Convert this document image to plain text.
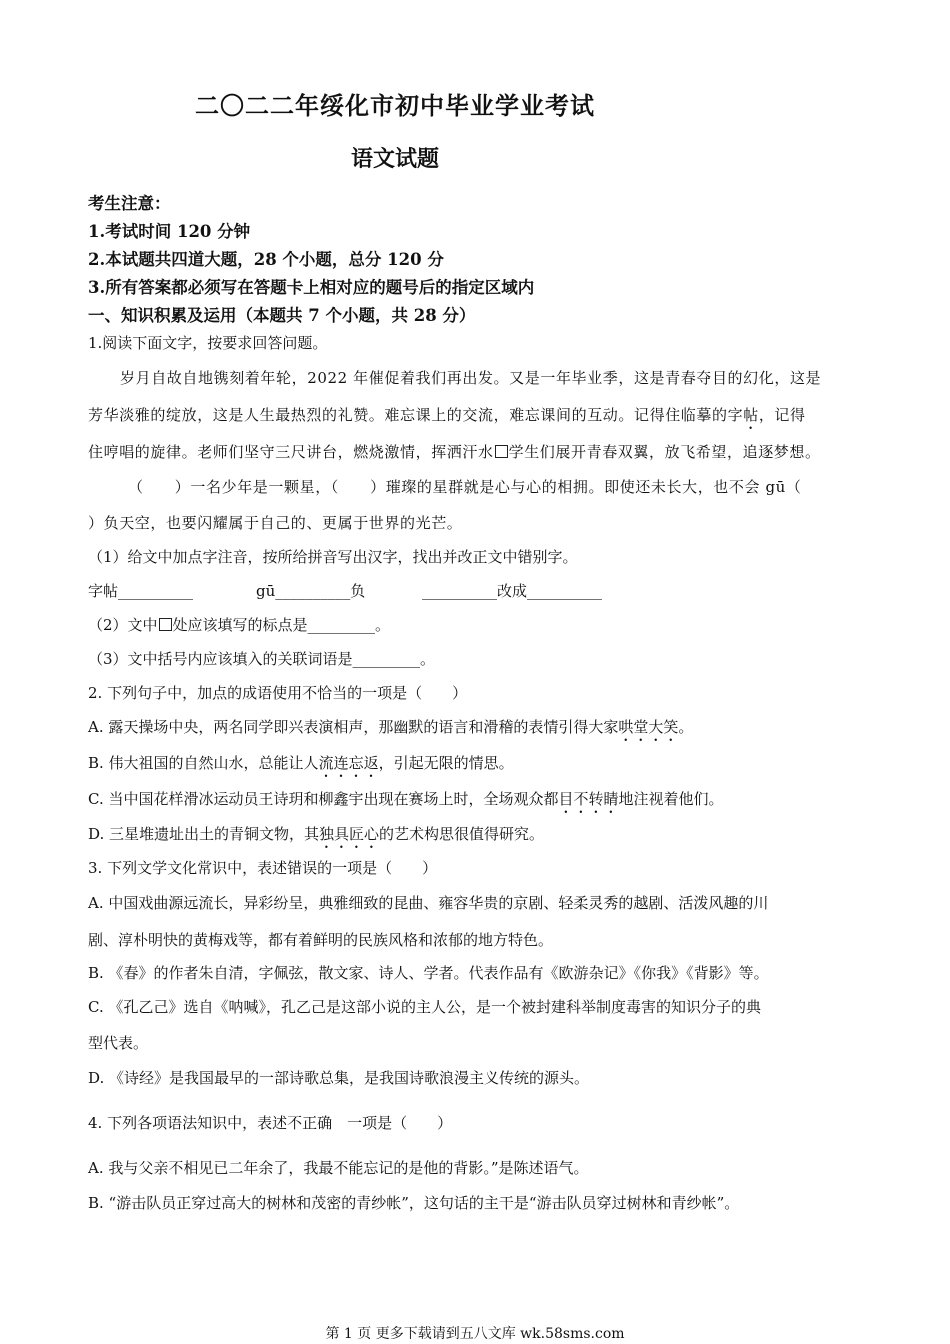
二〇二二年绥化市初中毕业学业考试
语文试题
考生注意：
1.考试时间 120 分钟
2.本试题共四道大题，28 个小题，总分 120 分
3.所有答案都必须写在答题卡上相对应的题号后的指定区域内
一、知识积累及运用（本题共 7 个小题，共 28 分）
1.阅读下面文字，按要求回答问题。
岁月自故自地镌刻着年轮，2022 年催促着我们再出发。又是一年毕业季，这是青春夺目的幻化，这是
芳华淡雅的绽放，这是人生最热烈的礼赞。难忘课上的交流，难忘课间的互动。记得住临摹的字帖，记得
住哼唱的旋律。老师们坚守三尺讲台，燃烧激情，挥洒汗水 学生们展开青春双翼，放飞希望，追逐梦想。
（　　）一名少年是一颗星，（　　）璀璨的星群就是心与心的相拥。即使还未长大，也不会 gū（
）负天空，也要闪耀属于自己的、更属于世界的光芒。
（1）给文中加点字注音，按所给拼音写出汉字，找出并改正文中错别字。
字帖__________	gū__________负	__________改成__________
（2）文中 处应该填写的标点是_________。
（3）文中括号内应该填入的关联词语是_________。
2. 下列句子中，加点的成语使用不恰当的一项是（　　）
A. 露天操场中央，两名同学即兴表演相声，那幽默的语言和滑稽的表情引得大家哄堂大笑。
B. 伟大祖国的自然山水，总能让人流连忘返，引起无限的情思。
C. 当中国花样滑冰运动员王诗玥和柳鑫宇出现在赛场上时，全场观众都目不转睛地注视着他们。
D. 三星堆遗址出土的青铜文物，其独具匠心的艺术构思很值得研究。
3. 下列文学文化常识中，表述错误的一项是（　　）
A. 中国戏曲源远流长，异彩纷呈，典雅细致的昆曲、雍容华贵的京剧、轻柔灵秀的越剧、活泼风趣的川
剧、淳朴明快的黄梅戏等，都有着鲜明的民族风格和浓郁的地方特色。
B. 《春》的作者朱自清，字佩弦，散文家、诗人、学者。代表作品有《欧游杂记》《你我》《背影》等。
C. 《孔乙己》选自《呐喊》，孔乙己是这部小说的主人公，是一个被封建科举制度毒害的知识分子的典
型代表。
D. 《诗经》是我国最早的一部诗歌总集，是我国诗歌浪漫主义传统的源头。
4. 下列各项语法知识中，表述不正确　一项是（　　）
A. 我与父亲不相见已二年余了，我最不能忘记的是他的背影。”是陈述语气。
B. “游击队员正穿过高大的树林和茂密的青纱帐”，这句话的主干是“游击队员穿过树林和青纱帐”。
第 1 页 更多下载请到五八文库 wk.58sms.com
